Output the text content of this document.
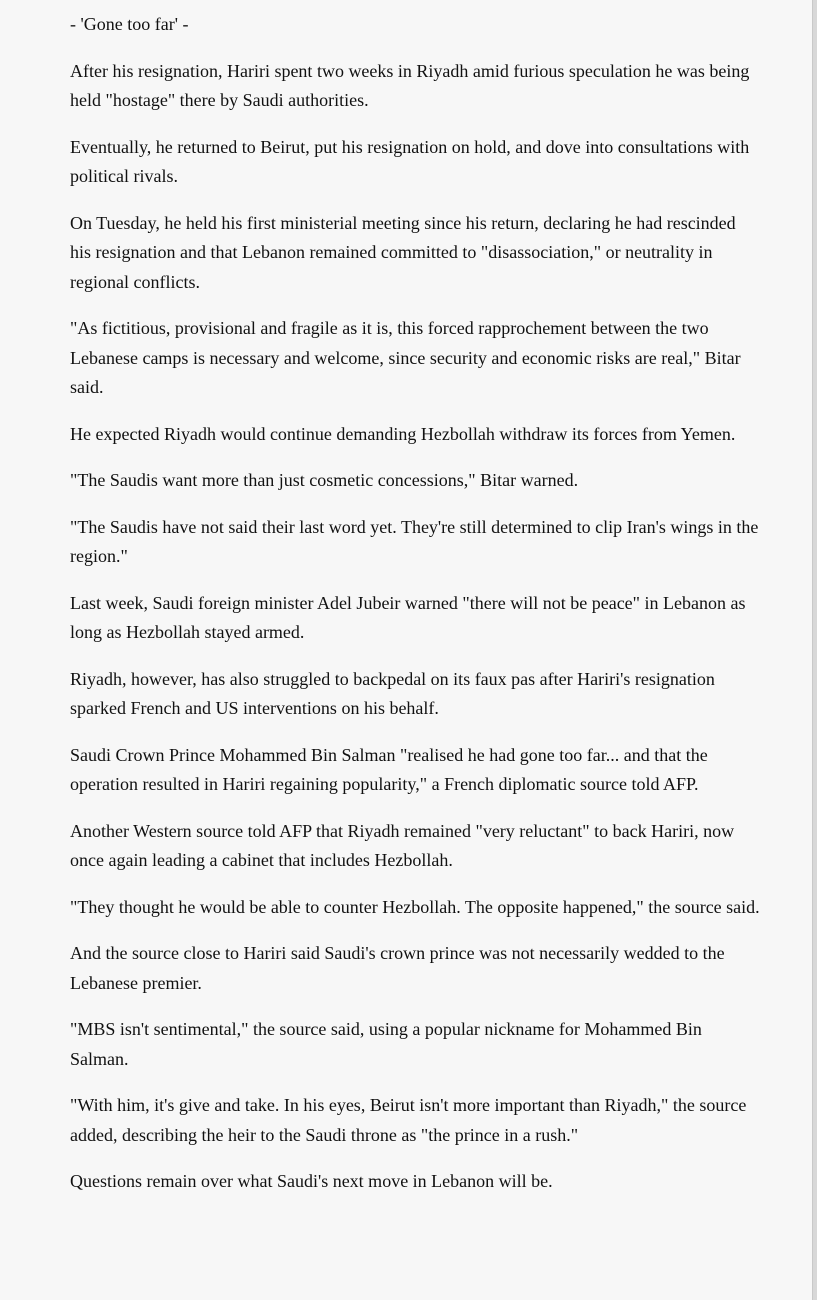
- 'Gone too far' -

After his resignation, Hariri spent two weeks in Riyadh amid furious speculation he was being held "hostage" there by Saudi authorities.

Eventually, he returned to Beirut, put his resignation on hold, and dove into consultations with political rivals.

On Tuesday, he held his first ministerial meeting since his return, declaring he had rescinded his resignation and that Lebanon remained committed to "disassociation," or neutrality in regional conflicts.

"As fictitious, provisional and fragile as it is, this forced rapprochement between the two Lebanese camps is necessary and welcome, since security and economic risks are real," Bitar said.

He expected Riyadh would continue demanding Hezbollah withdraw its forces from Yemen.

"The Saudis want more than just cosmetic concessions," Bitar warned.

"The Saudis have not said their last word yet. They're still determined to clip Iran's wings in the region."

Last week, Saudi foreign minister Adel Jubeir warned "there will not be peace" in Lebanon as long as Hezbollah stayed armed.

Riyadh, however, has also struggled to backpedal on its faux pas after Hariri's resignation sparked French and US interventions on his behalf.

Saudi Crown Prince Mohammed Bin Salman "realised he had gone too far... and that the operation resulted in Hariri regaining popularity," a French diplomatic source told AFP.

Another Western source told AFP that Riyadh remained "very reluctant" to back Hariri, now once again leading a cabinet that includes Hezbollah.

"They thought he would be able to counter Hezbollah. The opposite happened," the source said.

And the source close to Hariri said Saudi's crown prince was not necessarily wedded to the Lebanese premier.

"MBS isn't sentimental," the source said, using a popular nickname for Mohammed Bin Salman.

"With him, it's give and take. In his eyes, Beirut isn't more important than Riyadh," the source added, describing the heir to the Saudi throne as "the prince in a rush."

Questions remain over what Saudi's next move in Lebanon will be.
